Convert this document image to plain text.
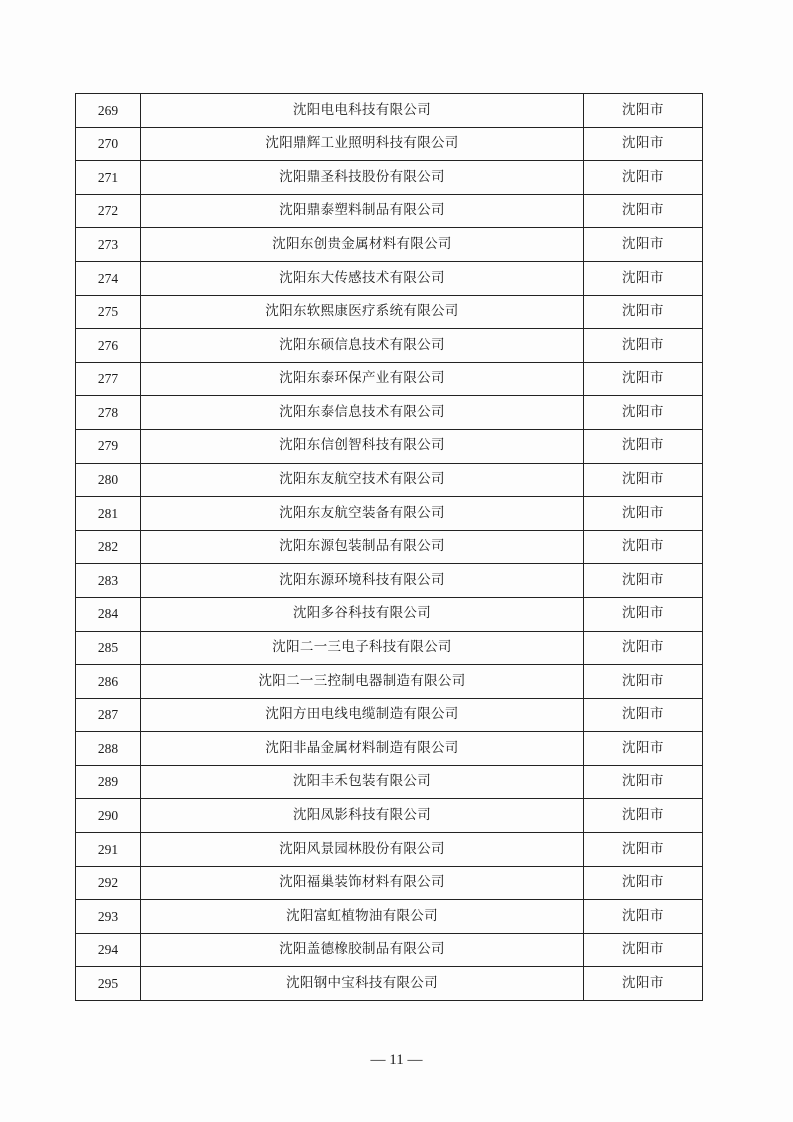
269	沈阳电电科技有限公司	沈阳市
270	沈阳鼎辉工业照明科技有限公司	沈阳市
271	沈阳鼎圣科技股份有限公司	沈阳市
272	沈阳鼎泰塑料制品有限公司	沈阳市
273	沈阳东创贵金属材料有限公司	沈阳市
274	沈阳东大传感技术有限公司	沈阳市
275	沈阳东软熙康医疗系统有限公司	沈阳市
276	沈阳东硕信息技术有限公司	沈阳市
277	沈阳东泰环保产业有限公司	沈阳市
278	沈阳东泰信息技术有限公司	沈阳市
279	沈阳东信创智科技有限公司	沈阳市
280	沈阳东友航空技术有限公司	沈阳市
281	沈阳东友航空装备有限公司	沈阳市
282	沈阳东源包装制品有限公司	沈阳市
283	沈阳东源环境科技有限公司	沈阳市
284	沈阳多谷科技有限公司	沈阳市
285	沈阳二一三电子科技有限公司	沈阳市
286	沈阳二一三控制电器制造有限公司	沈阳市
287	沈阳方田电线电缆制造有限公司	沈阳市
288	沈阳非晶金属材料制造有限公司	沈阳市
289	沈阳丰禾包装有限公司	沈阳市
290	沈阳凤影科技有限公司	沈阳市
291	沈阳风景园林股份有限公司	沈阳市
292	沈阳福巢装饰材料有限公司	沈阳市
293	沈阳富虹植物油有限公司	沈阳市
294	沈阳盖德橡胶制品有限公司	沈阳市
295	沈阳钢中宝科技有限公司	沈阳市
— 11 —
